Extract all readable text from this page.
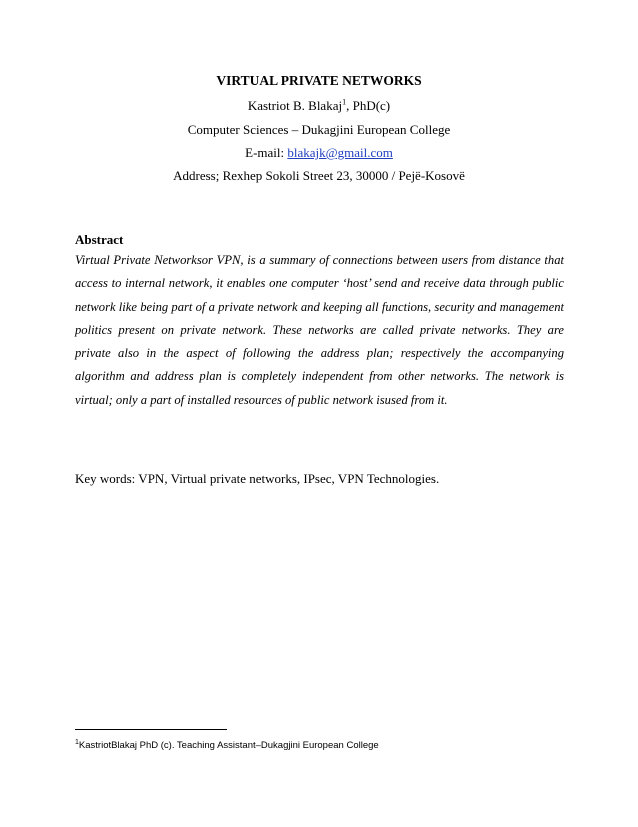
VIRTUAL PRIVATE NETWORKS
Kastriot B. Blakaj$^1$, PhD(c)
Computer Sciences – Dukagjini European College
E-mail: blakajk@gmail.com
Address; Rexhep Sokoli Street 23, 30000 / Pejë-Kosovë
Abstract
Virtual Private Networksor VPN, is a summary of connections between users from distance that access to internal network, it enables one computer ‘host’ send and receive data through public network like being part of a private network and keeping all functions, security and management politics present on private network. These networks are called private networks. They are private also in the aspect of following the address plan; respectively the accompanying algorithm and address plan is completely independent from other networks. The network is virtual; only a part of installed resources of public network isused from it.
Key words: VPN, Virtual private networks, IPsec, VPN Technologies.
$^1$KastriotBlakaj PhD (c). Teaching Assistant–Dukagjini European College
